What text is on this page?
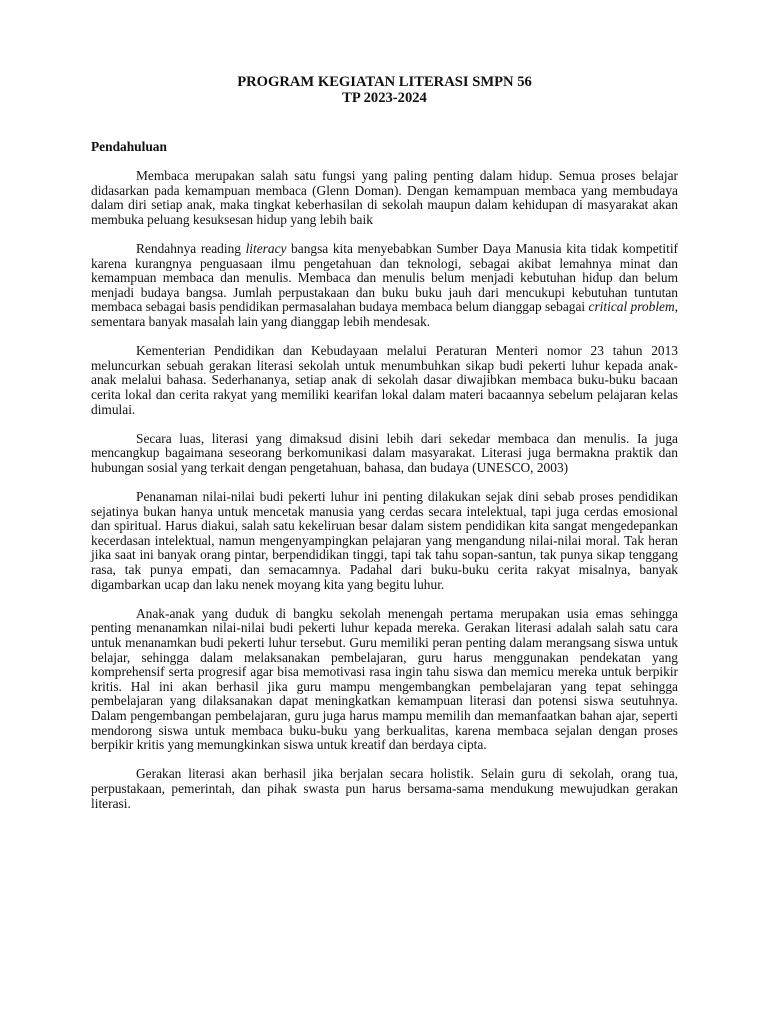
PROGRAM KEGIATAN LITERASI SMPN 56

TP 2023-2024

Pendahuluan

Membaca merupakan salah satu fungsi yang paling penting dalam hidup. Semua proses belajar didasarkan pada kemampuan membaca (Glenn Doman). Dengan kemampuan membaca yang membudaya dalam diri setiap anak, maka tingkat keberhasilan di sekolah maupun dalam kehidupan di masyarakat akan membuka peluang kesuksesan hidup yang lebih baik

Rendahnya reading literacy bangsa kita menyebabkan Sumber Daya Manusia kita tidak kompetitif karena kurangnya penguasaan ilmu pengetahuan dan teknologi, sebagai akibat lemahnya minat dan kemampuan membaca dan menulis. Membaca dan menulis belum menjadi kebutuhan hidup dan belum menjadi budaya bangsa. Jumlah perpustakaan dan buku buku jauh dari mencukupi kebutuhan tuntutan membaca sebagai basis pendidikan permasalahan budaya membaca belum dianggap sebagai critical problem, sementara banyak masalah lain yang dianggap lebih mendesak.

Kementerian Pendidikan dan Kebudayaan melalui Peraturan Menteri nomor 23 tahun 2013 meluncurkan sebuah gerakan literasi sekolah untuk menumbuhkan sikap budi pekerti luhur kepada anak-anak melalui bahasa. Sederhananya, setiap anak di sekolah dasar diwajibkan membaca buku-buku bacaan cerita lokal dan cerita rakyat yang memiliki kearifan lokal dalam materi bacaannya sebelum pelajaran kelas dimulai.

Secara luas, literasi yang dimaksud disini lebih dari sekedar membaca dan menulis. Ia juga mencangkup bagaimana seseorang berkomunikasi dalam masyarakat. Literasi juga bermakna praktik dan hubungan sosial yang terkait dengan pengetahuan, bahasa, dan budaya (UNESCO, 2003)

Penanaman nilai-nilai budi pekerti luhur ini penting dilakukan sejak dini sebab proses pendidikan sejatinya bukan hanya untuk mencetak manusia yang cerdas secara intelektual, tapi juga cerdas emosional dan spiritual. Harus diakui, salah satu kekeliruan besar dalam sistem pendidikan kita sangat mengedepankan kecerdasan intelektual, namun mengenyampingkan pelajaran yang mengandung nilai-nilai moral. Tak heran jika saat ini banyak orang pintar, berpendidikan tinggi, tapi tak tahu sopan-santun, tak punya sikap tenggang rasa, tak punya empati, dan semacamnya. Padahal dari buku-buku cerita rakyat misalnya, banyak digambarkan ucap dan laku nenek moyang kita yang begitu luhur.

Anak-anak yang duduk di bangku sekolah menengah pertama merupakan usia emas sehingga penting menanamkan nilai-nilai budi pekerti luhur kepada mereka. Gerakan literasi adalah salah satu cara untuk menanamkan budi pekerti luhur tersebut. Guru memiliki peran penting dalam merangsang siswa untuk belajar, sehingga dalam melaksanakan pembelajaran, guru harus menggunakan pendekatan yang komprehensif serta progresif agar bisa memotivasi rasa ingin tahu siswa dan memicu mereka untuk berpikir kritis. Hal ini akan berhasil jika guru mampu mengembangkan pembelajaran yang tepat sehingga pembelajaran yang dilaksanakan dapat meningkatkan kemampuan literasi dan potensi siswa seutuhnya. Dalam pengembangan pembelajaran, guru juga harus mampu memilih dan memanfaatkan bahan ajar, seperti mendorong siswa untuk membaca buku-buku yang berkualitas, karena membaca sejalan dengan proses berpikir kritis yang memungkinkan siswa untuk kreatif dan berdaya cipta.

Gerakan literasi akan berhasil jika berjalan secara holistik. Selain guru di sekolah, orang tua, perpustakaan, pemerintah, dan pihak swasta pun harus bersama-sama mendukung mewujudkan gerakan literasi.
